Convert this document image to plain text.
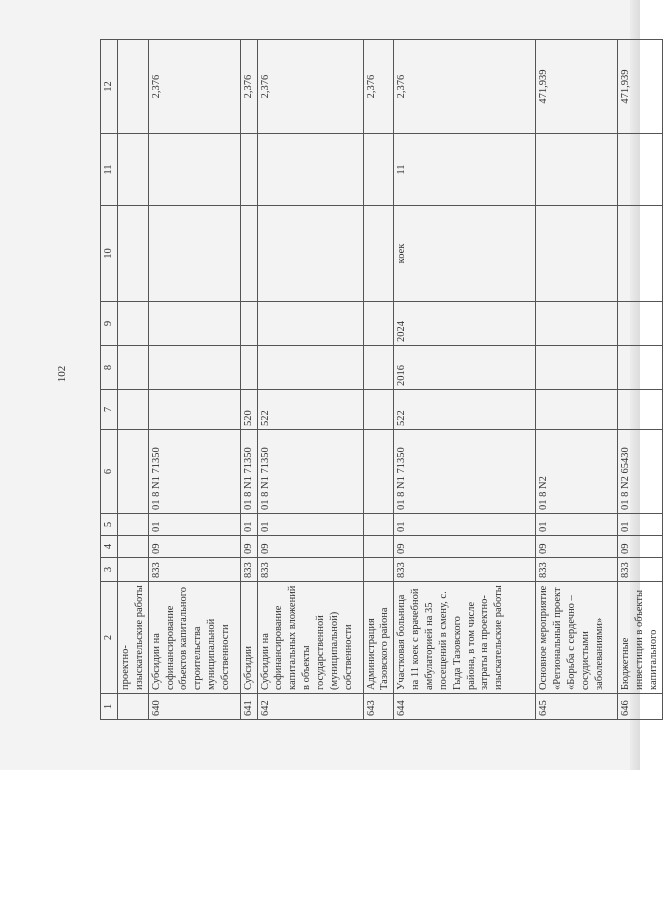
102
1	2	3	4	5	6	7	8	9	10	11	12
	проектно-изыскательские работы										
640	Субсидии на софинансирование объектов капитального строительства муниципальной собственности	833	09	01	01 8 N1 71350						2,376
641	Субсидии	833	09	01	01 8 N1 71350	520					2,376
642	Субсидии на софинансирование капитальных вложений в объекты государственной (муниципальной) собственности	833	09	01	01 8 N1 71350	522					2,376
643	Администрация Тазовского района										2,376
644	Участковая больница на 11 коек с врачебной амбулаторией на 35 посещений в смену, с. Гыда Тазовского района, в том числе затраты на проектно-изыскательские работы	833	09	01	01 8 N1 71350	522	2016	2024	коек	11	2,376
645	Основное мероприятие «Региональный проект «Борьба с сердечно – сосудистыми заболеваниями»	833	09	01	01 8 N2						471,939
646	Бюджетные инвестиции в объекты капитального	833	09	01	01 8 N2 65430						471,939
